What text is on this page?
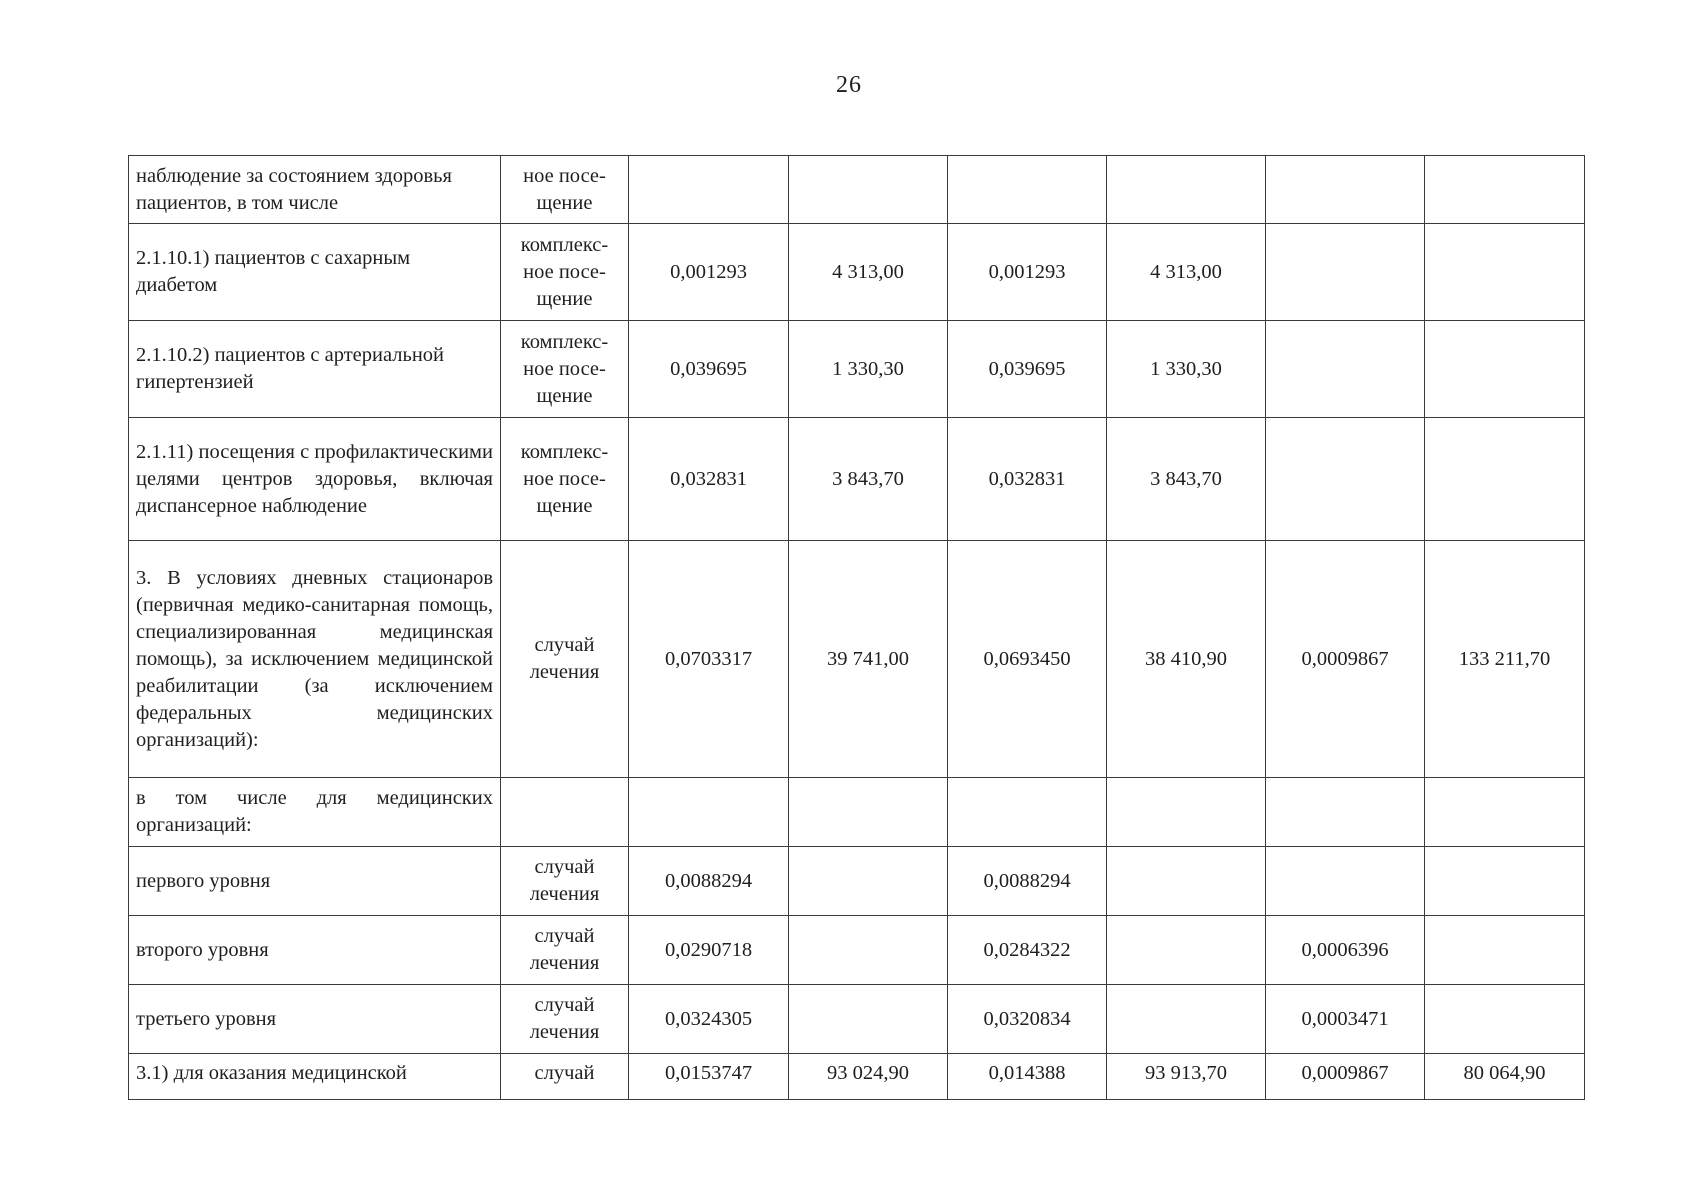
26
наблюдение за состоянием здоровья пациентов, в том числе	ное посе-щение						
2.1.10.1) пациентов с сахарным диабетом	комплекс-ное посе-щение	0,001293	4 313,00	0,001293	4 313,00		
2.1.10.2) пациентов с артериальной гипертензией	комплекс-ное посе-щение	0,039695	1 330,30	0,039695	1 330,30		
2.1.11) посещения с профилактическими целями центров здоровья, включая диспансерное наблюдение	комплекс-ное посе-щение	0,032831	3 843,70	0,032831	3 843,70		
3. В условиях дневных стационаров (первичная медико-санитарная помощь, специализированная медицинская помощь), за исключением медицинской реабилитации (за исключением федеральных медицинских организаций):	случай лечения	0,0703317	39 741,00	0,0693450	38 410,90	0,0009867	133 211,70
в том числе для медицинских организаций:							
первого уровня	случай лечения	0,0088294		0,0088294			
второго уровня	случай лечения	0,0290718		0,0284322		0,0006396	
третьего уровня	случай лечения	0,0324305		0,0320834		0,0003471	
3.1) для оказания медицинской	случай	0,0153747	93 024,90	0,014388	93 913,70	0,0009867	80 064,90
